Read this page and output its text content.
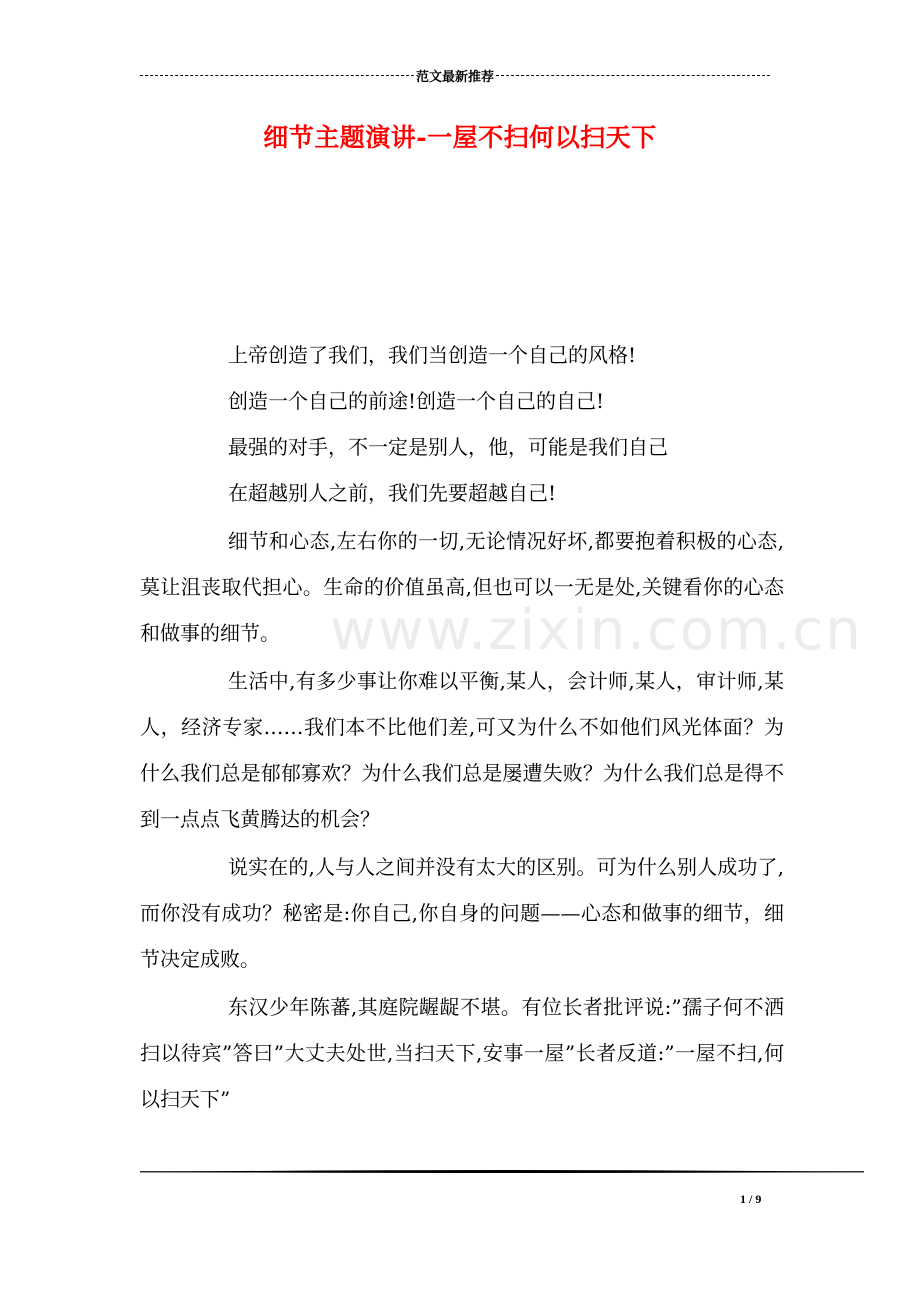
范文最新推荐
细节主题演讲-一屋不扫何以扫天下
www.zixin.com.cn

上帝创造了我们，我们当创造一个自己的风格!

创造一个自己的前途!创造一个自己的自己!

最强的对手，不一定是别人，他，可能是我们自己

在超越别人之前，我们先要超越自己!

细节和心态,左右你的一切,无论情况好坏,都要抱着积极的心态,莫让沮丧取代担心。生命的价值虽高,但也可以一无是处,关键看你的心态和做事的细节。

生活中,有多少事让你难以平衡,某人，会计师,某人，审计师,某人，经济专家……我们本不比他们差,可又为什么不如他们风光体面？为什么我们总是郁郁寡欢？为什么我们总是屡遭失败？为什么我们总是得不到一点点飞黄腾达的机会？

说实在的,人与人之间并没有太大的区别。可为什么别人成功了,而你没有成功？秘密是:你自己,你自身的问题——心态和做事的细节，细节决定成败。

东汉少年陈蕃,其庭院龌龊不堪。有位长者批评说:”孺子何不洒扫以待宾”答曰”大丈夫处世,当扫天下,安事一屋”长者反道:”一屋不扫,何以扫天下”

1 / 9
